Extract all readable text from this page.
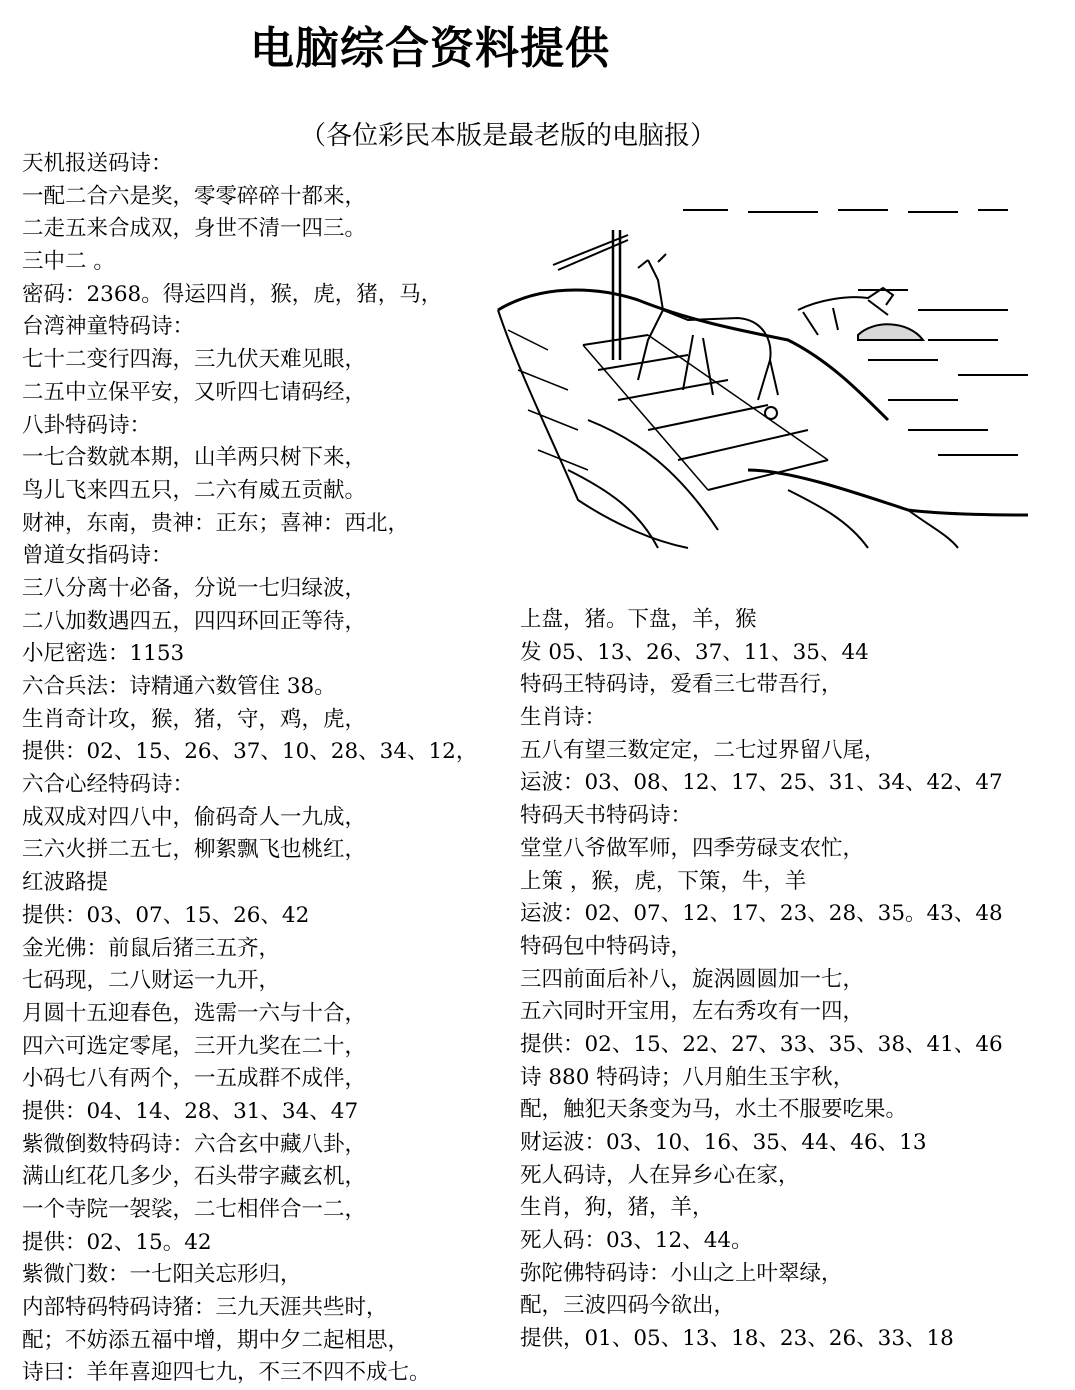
电脑综合资料提供
（各位彩民本版是最老版的电脑报）
天机报送码诗：
一配二合六是奖，零零碎碎十都来，
二走五来合成双，身世不清一四三。
三中二 。
密码：2368。得运四肖，猴，虎，猪，马，
台湾神童特码诗：
七十二变行四海，三九伏天难见眼，
二五中立保平安，又听四七请码经，
八卦特码诗：
一七合数就本期，山羊两只树下来，
鸟儿飞来四五只，二六有威五贡献。
财神，东南，贵神：正东；喜神：西北，
曾道女指码诗：
三八分离十必备，分说一七归绿波，
二八加数遇四五，四四环回正等待，
小尼密选：1153
六合兵法：诗精通六数管住 38。
生肖奇计攻，猴，猪，守，鸡，虎，
提供：02、15、26、37、10、28、34、12，
六合心经特码诗：
成双成对四八中，偷码奇人一九成，
三六火拼二五七，柳絮飘飞也桃红，
红波路提
提供：03、07、15、26、42
金光佛：前鼠后猪三五齐，
七码现，二八财运一九开，
月圆十五迎春色，选需一六与十合，
四六可选定零尾，三开九奖在二十，
小码七八有两个，一五成群不成伴，
提供：04、14、28、31、34、47
紫微倒数特码诗：六合玄中藏八卦，
满山红花几多少，石头带字藏玄机，
一个寺院一袈裟，二七相伴合一二，
提供：02、15。42
紫微门数：一七阳关忘形归，
内部特码特码诗猪：三九天涯共些时，
配；不妨添五福中增，期中夕二起相思，
诗曰：羊年喜迎四七九，不三不四不成七。
上盘，猪。下盘，羊，猴
发 05、13、26、37、11、35、44
特码王特码诗，爱看三七带吾行，
生肖诗：
五八有望三数定定，二七过界留八尾，
运波：03、08、12、17、25、31、34、42、47
特码天书特码诗：
堂堂八爷做军师，四季劳碌支农忙，
上策 ，猴，虎，下策，牛，羊
运波：02、07、12、17、23、28、35。43、48
特码包中特码诗，
三四前面后补八，旋涡圆圆加一七，
五六同时开宝用，左右秀攻有一四，
提供：02、15、22、27、33、35、38、41、46
诗 880 特码诗；八月舶生玉宇秋，
配，触犯天条变为马，水土不服要吃果。
财运波：03、10、16、35、44、46、13
死人码诗，人在异乡心在家，
生肖，狗，猪，羊，
死人码：03、12、44。
弥陀佛特码诗：小山之上叶翠绿，
配，三波四码今欲出，
提供，01、05、13、18、23、26、33、18
